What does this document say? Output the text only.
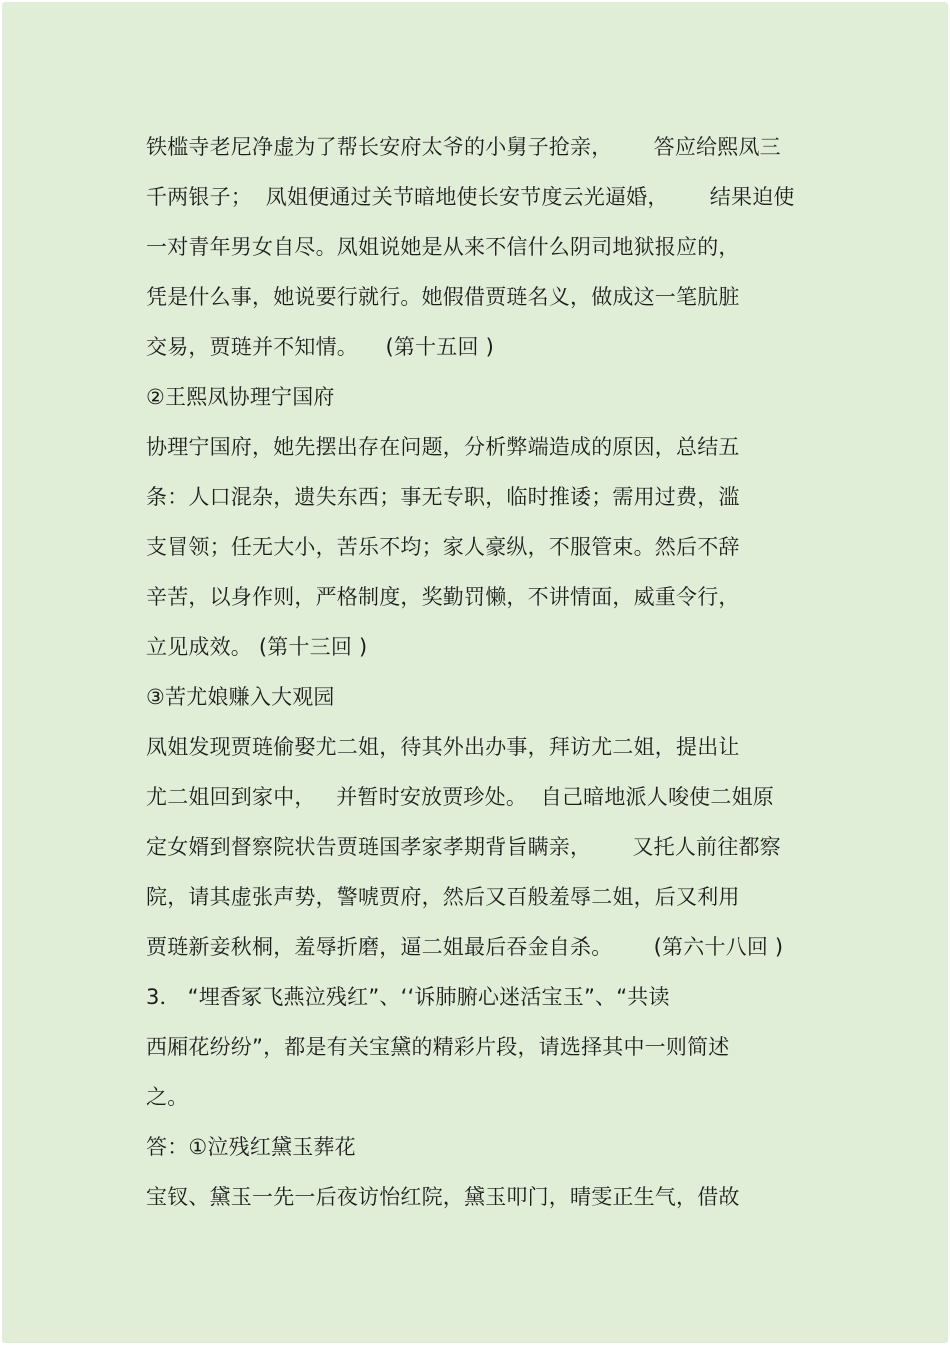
铁槛寺老尼净虚为了帮长安府太爷的小舅子抢亲，      答应给熙凤三
千两银子；  凤姐便通过关节暗地使长安节度云光逼婚，      结果迫使
一对青年男女自尽。凤姐说她是从来不信什么阴司地狱报应的，
凭是什么事，她说要行就行。她假借贾琏名义，做成这一笔肮脏
交易，贾琏并不知情。    (第十五回 )
②王熙凤协理宁国府
协理宁国府，她先摆出存在问题，分析弊端造成的原因，总结五
条：人口混杂，遗失东西；事无专职，临时推诿；需用过费，滥
支冒领；任无大小，苦乐不均；家人豪纵，不服管束。然后不辞
辛苦，以身作则，严格制度，奖勤罚懒，不讲情面，威重令行，
立见成效。 (第十三回 )
③苦尤娘赚入大观园
凤姐发现贾琏偷娶尤二姐，待其外出办事，拜访尤二姐，提出让
尤二姐回到家中，   并暂时安放贾珍处。  自己暗地派人唆使二姐原
定女婿到督察院状告贾琏国孝家孝期背旨瞒亲，      又托人前往都察
院，请其虚张声势，警唬贾府，然后又百般羞辱二姐，后又利用
贾琏新妾秋桐，羞辱折磨，逼二姐最后吞金自杀。      (第六十八回 )
3． “埋香冢飞燕泣残红”、‘‘诉肺腑心迷活宝玉”、“共读
西厢花纷纷”，都是有关宝黛的精彩片段，请选择其中一则简述
之。
答：①泣残红黛玉葬花
宝钗、黛玉一先一后夜访怡红院，黛玉叩门，晴雯正生气，借故
